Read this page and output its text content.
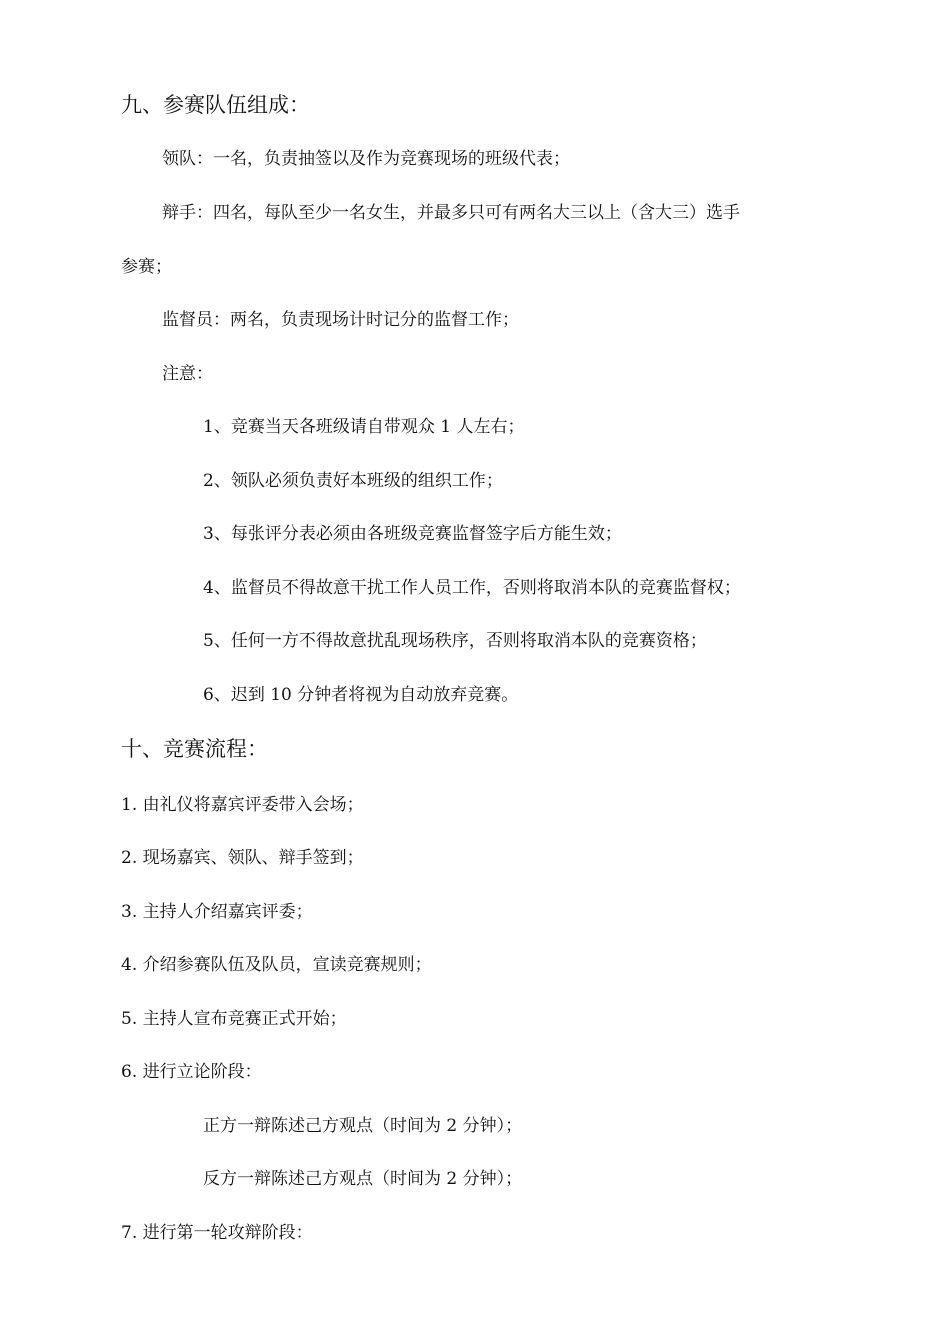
九、参赛队伍组成：
领队：一名，负责抽签以及作为竞赛现场的班级代表；
辩手：四名，每队至少一名女生，并最多只可有两名大三以上（含大三）选手
参赛；
监督员：两名，负责现场计时记分的监督工作；
注意：
1、竞赛当天各班级请自带观众 1 人左右；
2、领队必须负责好本班级的组织工作；
3、每张评分表必须由各班级竞赛监督签字后方能生效；
4、监督员不得故意干扰工作人员工作，否则将取消本队的竞赛监督权；
5、任何一方不得故意扰乱现场秩序，否则将取消本队的竞赛资格；
6、迟到 10 分钟者将视为自动放弃竞赛。
十、竞赛流程：
1. 由礼仪将嘉宾评委带入会场；
2. 现场嘉宾、领队、辩手签到；
3. 主持人介绍嘉宾评委；
4. 介绍参赛队伍及队员，宣读竞赛规则；
5. 主持人宣布竞赛正式开始；
6. 进行立论阶段：
正方一辩陈述己方观点（时间为 2 分钟）；
反方一辩陈述己方观点（时间为 2 分钟）；
7. 进行第一轮攻辩阶段：
